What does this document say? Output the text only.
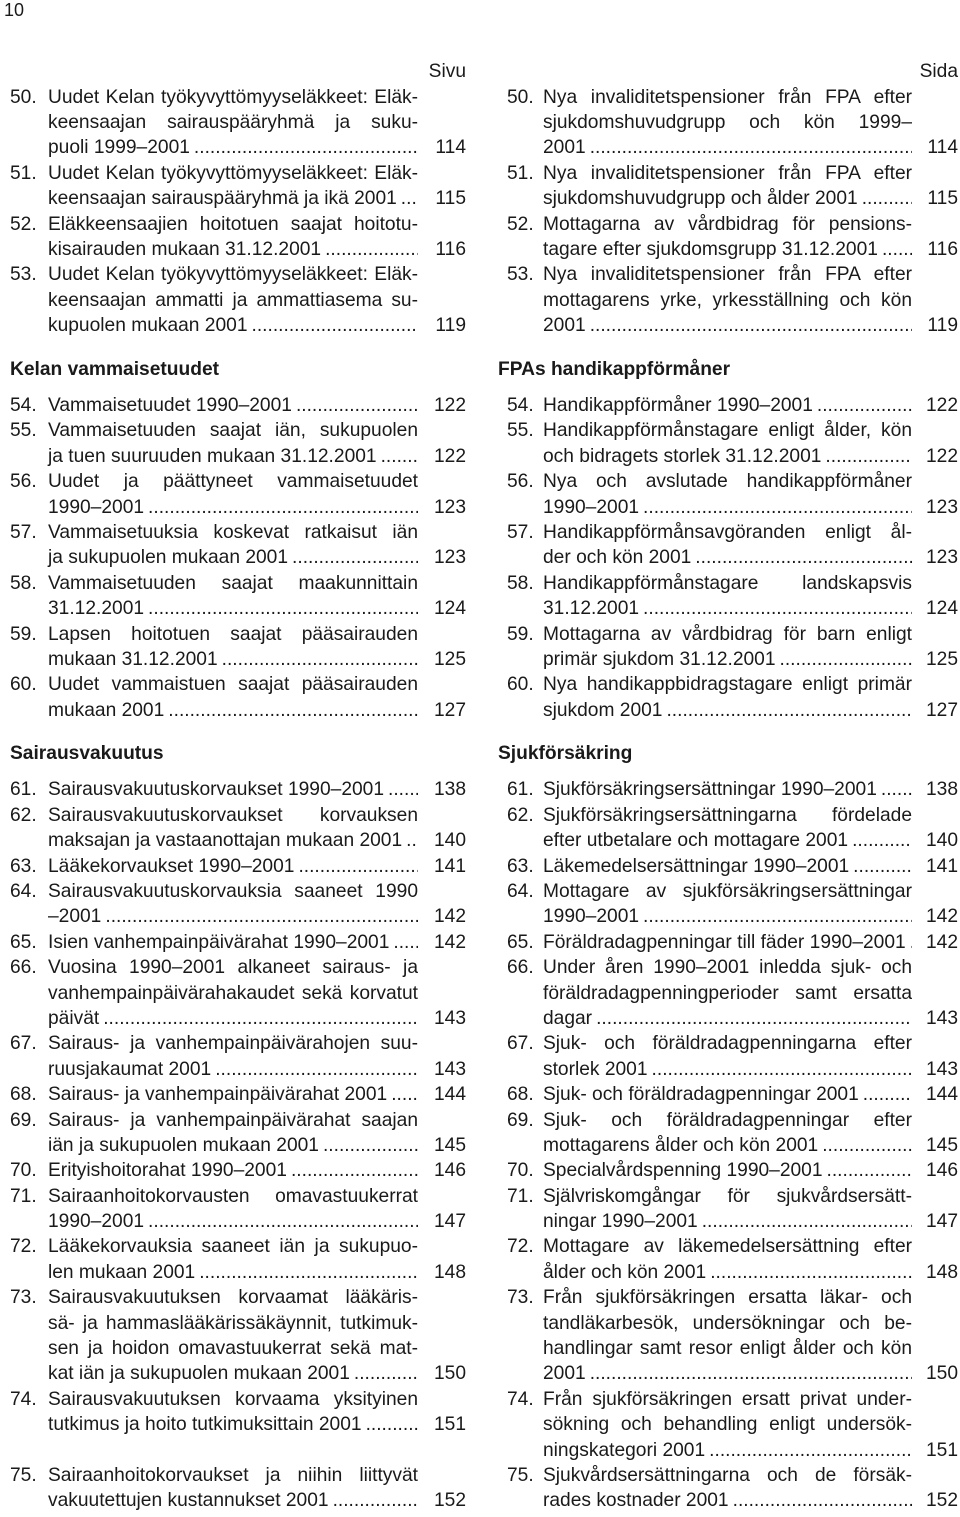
10
Sivu	Sida
50. Uudet Kelan työkyvyttömyyseläkkeet: Eläk-
keensaajan sairauspääryhmä ja suku-
puoli 1999–2001 .....	114
50. Nya invaliditetspensioner från FPA efter
sjukdomshuvudgrupp och kön 1999–
2001 .....	114
51. Uudet Kelan työkyvyttömyyseläkkeet: Eläk-
keensaajan sairauspääryhmä ja ikä 2001 .....	115
51. Nya invaliditetspensioner från FPA efter
sjukdomshuvudgrupp och ålder 2001 .....	115
52. Eläkkeensaajien hoitotuen saajat hoitotu-
kisairauden mukaan 31.12.2001 .....	116
52. Mottagarna av vårdbidrag för pensions-
tagare efter sjukdomsgrupp 31.12.2001 .....	116
53. Uudet Kelan työkyvyttömyyseläkkeet: Eläk-
keensaajan ammatti ja ammattiasema su-
kupuolen mukaan 2001 .....	119
53. Nya invaliditetspensioner från FPA efter
mottagarens yrke, yrkesställning och kön
2001 .....	119
Kelan vammaisetuudet	FPAs handikappförmåner
54. Vammaisetuudet 1990–2001 .....	122	54. Handikappförmåner 1990–2001 .....	122
55. Vammaisetuuden saajat iän, sukupuolen
ja tuen suuruuden mukaan 31.12.2001 .....	122
55. Handikappförmånstagare enligt ålder, kön
och bidragets storlek 31.12.2001 .....	122
56. Uudet ja päättyneet vammaisetuudet
1990–2001 .....	123
56. Nya och avslutade handikappförmåner
1990–2001 .....	123
57. Vammaisetuuksia koskevat ratkaisut iän
ja sukupuolen mukaan 2001 .....	123
57. Handikappförmånsavgöranden enligt ål-
der och kön 2001 .....	123
58. Vammaisetuuden saajat maakunnittain
31.12.2001 .....	124
58. Handikappförmånstagare landskapsvis
31.12.2001 .....	124
59. Lapsen hoitotuen saajat pääsairauden
mukaan 31.12.2001 .....	125
59. Mottagarna av vårdbidrag för barn enligt
primär sjukdom 31.12.2001 .....	125
60. Uudet vammaistuen saajat pääsairauden
mukaan 2001 .....	127
60. Nya handikappbidragstagare enligt primär
sjukdom 2001 .....	127
Sairausvakuutus	Sjukförsäkring
61. Sairausvakuutuskorvaukset 1990–2001 .....	138	61. Sjukförsäkringsersättningar 1990–2001 .....	138
62. Sairausvakuutuskorvaukset korvauksen
maksajan ja vastaanottajan mukaan 2001 .....	140
62. Sjukförsäkringsersättningarna fördelade
efter utbetalare och mottagare 2001 .....	140
63. Lääkekorvaukset 1990–2001 .....	141	63. Läkemedelsersättningar 1990–2001 .....	141
64. Sairausvakuutuskorvauksia saaneet 1990
–2001 .....	142
64. Mottagare av sjukförsäkringsersättningar
1990–2001 .....	142
65. Isien vanhempainpäivärahat 1990–2001 .....	142	65. Föräldradagpenningar till fäder 1990–2001 .....	142
66. Vuosina 1990–2001 alkaneet sairaus- ja
vanhempainpäivärahakaudet sekä korvatut
päivät .....	143
66. Under åren 1990–2001 inledda sjuk- och
föräldradagpenningperioder samt ersatta
dagar .....	143
67. Sairaus- ja vanhempainpäivärahojen suu-
ruusjakaumat 2001 .....	143
67. Sjuk- och föräldradagpenningarna efter
storlek 2001 .....	143
68. Sairaus- ja vanhempainpäivärahat 2001 .....	144	68. Sjuk- och föräldradagpenningar 2001 .....	144
69. Sairaus- ja vanhempainpäivärahat saajan
iän ja sukupuolen mukaan 2001 .....	145
69. Sjuk- och föräldradagpenningar efter
mottagarens ålder och kön 2001 .....	145
70. Erityishoitorahat 1990–2001 .....	146	70. Specialvårdspenning 1990–2001 .....	146
71. Sairaanhoitokorvausten omavastuukerrat
1990–2001 .....	147
71. Självriskomgångar för sjukvårdsersätt-
ningar 1990–2001 .....	147
72. Lääkekorvauksia saaneet iän ja sukupuo-
len mukaan 2001 .....	148
72. Mottagare av läkemedelsersättning efter
ålder och kön 2001 .....	148
73. Sairausvakuutuksen korvaamat lääkäris-
sä- ja hammaslääkärissäkäynnit, tutkimuk-
sen ja hoidon omavastuukerrat sekä mat-
kat iän ja sukupuolen mukaan 2001 .....	150
73. Från sjukförsäkringen ersatta läkar- och
tandläkarbesök, undersökningar och be-
handlingar samt resor enligt ålder och kön
2001 .....	150
74. Sairausvakuutuksen korvaama yksityinen
tutkimus ja hoito tutkimuksittain 2001 .....	151
74. Från sjukförsäkringen ersatt privat under-
sökning och behandling enligt undersök-
ningskategori 2001 .....	151
75. Sairaanhoitokorvaukset ja niihin liittyvät
vakuutettujen kustannukset 2001 .....	152
75. Sjukvårdsersättningarna och de försäk-
rades kostnader 2001 .....	152
